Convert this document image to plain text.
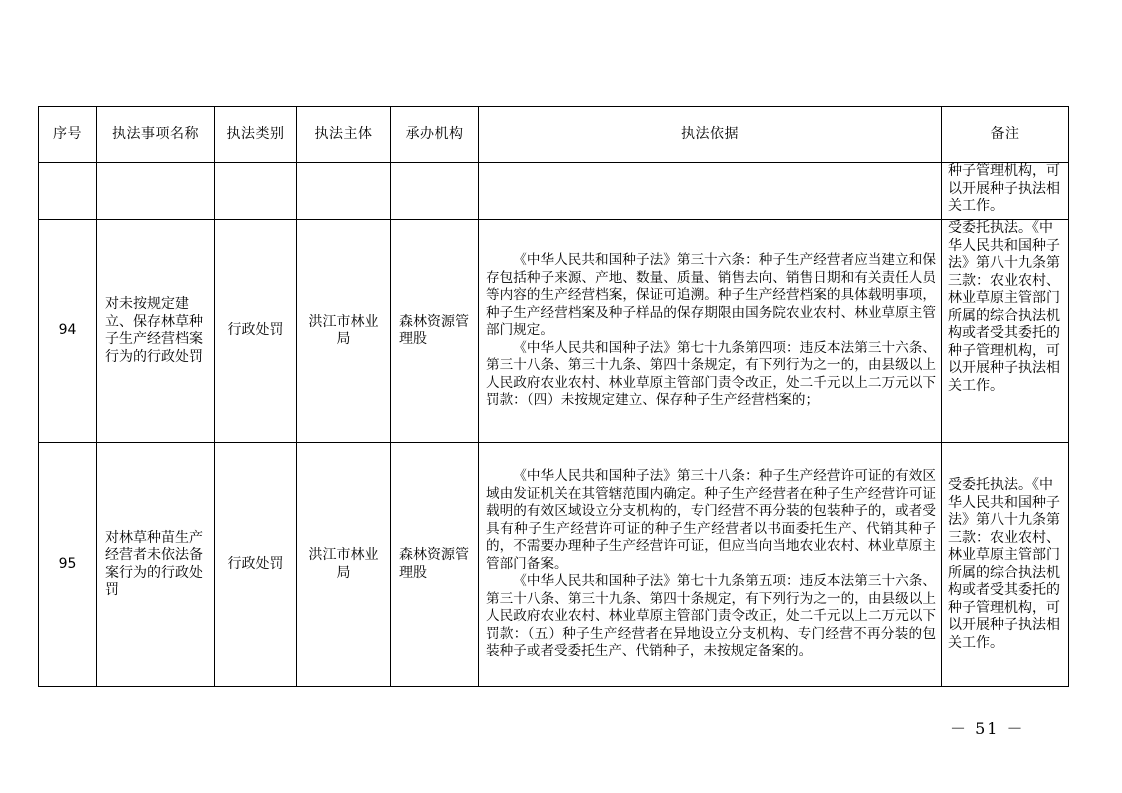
序号	执法事项名称	执法类别	执法主体	承办机构	执法依据	备注
						种子管理机构，可以开展种子执法相关工作。
94	对未按规定建立、保存林草种子生产经营档案行为的行政处罚	行政处罚	洪江市林业局	森林资源管理股	《中华人民共和国种子法》第三十六条：种子生产经营者应当建立和保存包括种子来源、产地、数量、质量、销售去向、销售日期和有关责任人员等内容的生产经营档案，保证可追溯。种子生产经营档案的具体载明事项，种子生产经营档案及种子样品的保存期限由国务院农业农村、林业草原主管部门规定。

《中华人民共和国种子法》第七十九条第四项：违反本法第三十六条、第三十八条、第三十九条、第四十条规定，有下列行为之一的，由县级以上人民政府农业农村、林业草原主管部门责令改正，处二千元以上二万元以下罚款：（四）未按规定建立、保存种子生产经营档案的；	受委托执法。《中华人民共和国种子法》第八十九条第三款：农业农村、林业草原主管部门所属的综合执法机构或者受其委托的种子管理机构，可以开展种子执法相关工作。
95	对林草种苗生产经营者未依法备案行为的行政处罚	行政处罚	洪江市林业局	森林资源管理股	《中华人民共和国种子法》第三十八条：种子生产经营许可证的有效区域由发证机关在其管辖范围内确定。种子生产经营者在种子生产经营许可证载明的有效区域设立分支机构的，专门经营不再分装的包装种子的，或者受具有种子生产经营许可证的种子生产经营者以书面委托生产、代销其种子的，不需要办理种子生产经营许可证，但应当向当地农业农村、林业草原主管部门备案。

《中华人民共和国种子法》第七十九条第五项：违反本法第三十六条、第三十八条、第三十九条、第四十条规定，有下列行为之一的，由县级以上人民政府农业农村、林业草原主管部门责令改正，处二千元以上二万元以下罚款：（五）种子生产经营者在异地设立分支机构、专门经营不再分装的包装种子或者受委托生产、代销种子，未按规定备案的。	受委托执法。《中华人民共和国种子法》第八十九条第三款：农业农村、林业草原主管部门所属的综合执法机构或者受其委托的种子管理机构，可以开展种子执法相关工作。
－ 51 －
